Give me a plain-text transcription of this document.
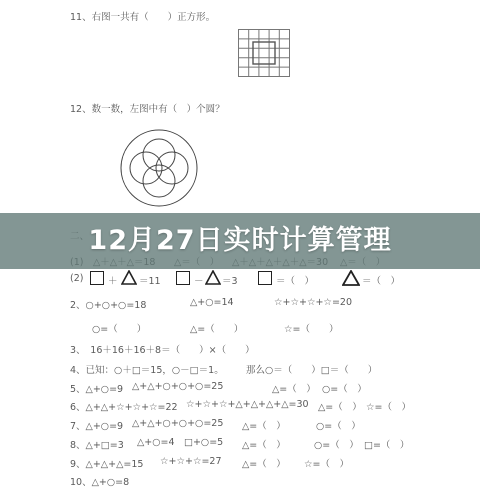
11、右图一共有（　　）正方形。
12、数一数，左图中有（　）个圆？
(2)	＋ ＝11	－ ＝3	＝（　）	＝（　）
2、○+○+○=18	△+○=14	☆+☆+☆+☆=20
○=（　　）	△=（　　）	☆=（　　）
3、　16＋16＋16＋8＝（　　）×（　　）
4、已知：○＋□＝15，○－□＝1。 那么○＝（　　）□＝（　　）
5、△+○=9 △+△+○+○+○=25	△=（　） ○=（　）
6、△+△+☆+☆+☆=22 ☆+☆+☆+△+△+△+△=30 △=（　） ☆=（　）
7、△+○=9 △+△+○+○+○=25 △=（　）	○=（　）
8、△+□=3 △+○=4 □+○=5 △=（　）	○=（　） □=（　）
9、△+△+△=15 ☆+☆+☆=27 △=（　） ☆=（　）
10、△+○=8
12月27日实时计算管理
